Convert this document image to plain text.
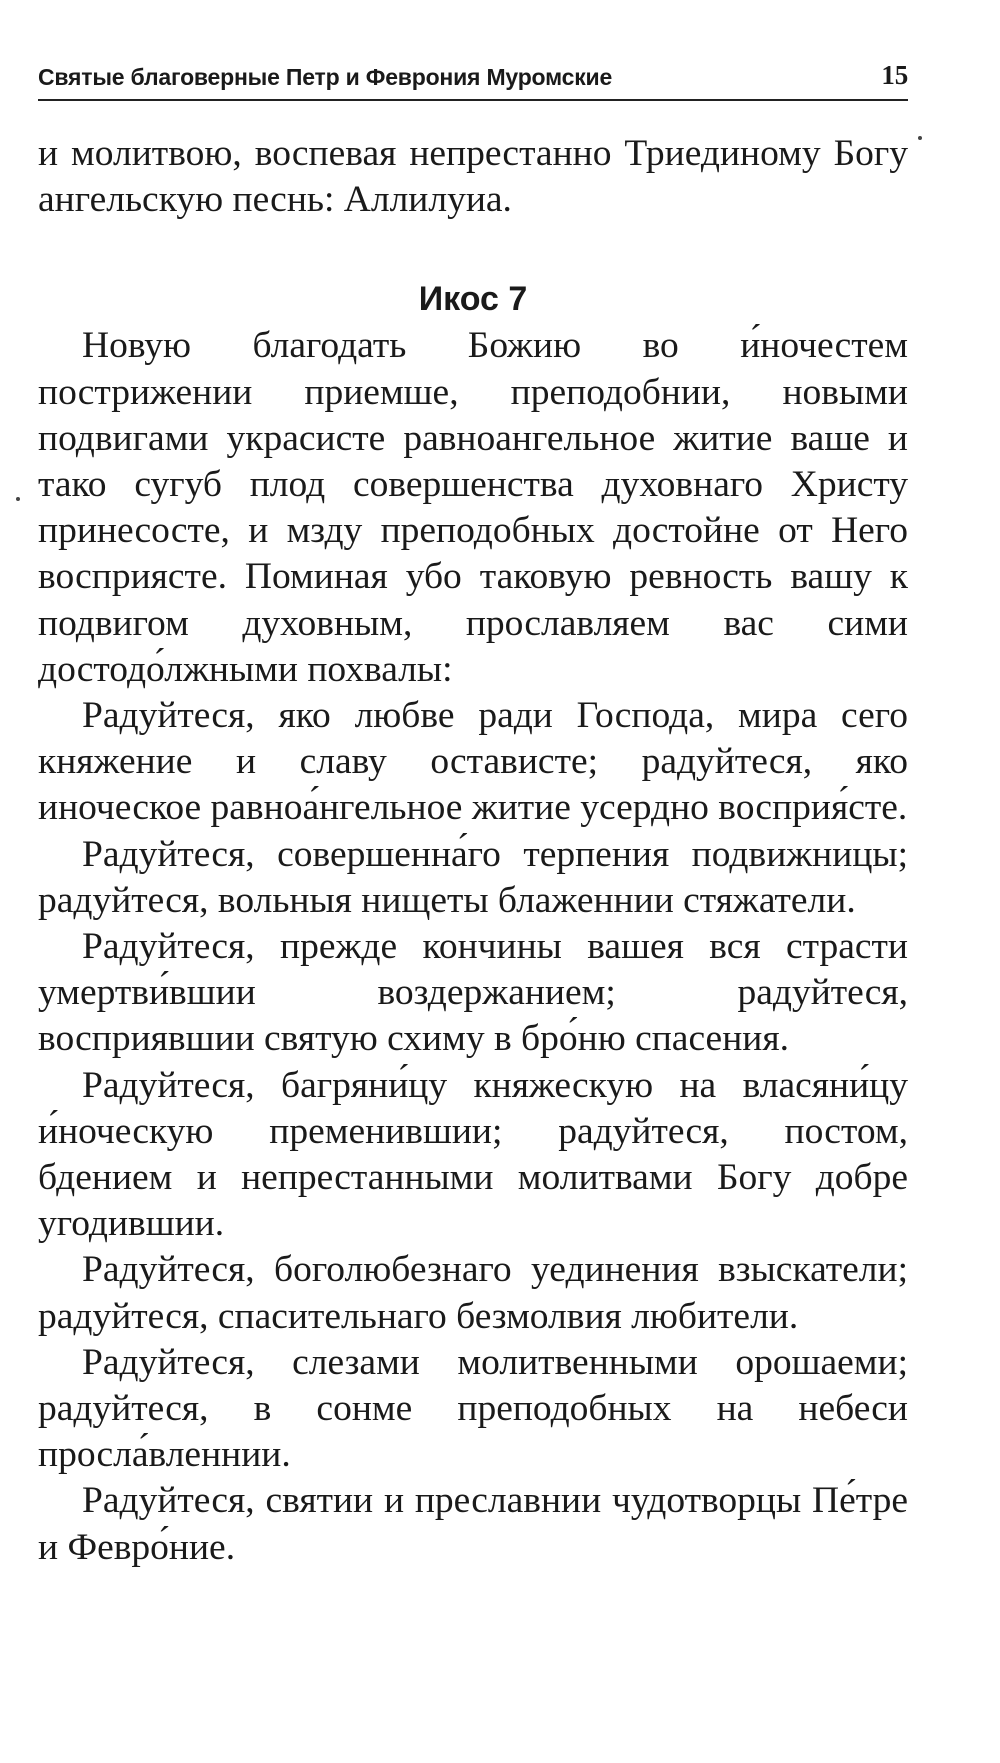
Святые благоверные Петр и Феврония Муромские	15

и молитвою, воспевая непрестанно Триединому Богу ангельскую песнь: Аллилуиа.

Икос 7

Новую благодать Божию во и́ночестем пострижении приемше, преподобнии, новыми подвигами украсисте равноангельное житие ваше и тако сугуб плод совершенства духовнаго Христу принесосте, и мзду преподобных достойне от Него восприясте. Поминая убо таковую ревность вашу к подвигом духовным, прославляем вас сими достодо́лжными похвалы:

Радуйтеся, яко любве ради Господа, мира сего княжение и славу остависте; радуйтеся, яко иноческое равноа́нгельное житие усердно восприя́сте.

Радуйтеся, совершенна́го терпения подвижницы; радуйтеся, вольныя нищеты блаженнии стяжатели.

Радуйтеся, прежде кончины вашея вся страсти умертви́вшии воздержанием; радуйтеся, восприявшии святую схиму в бро́ню спасения.

Радуйтеся, багряни́цу княжескую на власяни́цу и́ноческую пременившии; радуйтеся, постом, бдением и непрестанными молитвами Богу добре угодившии.

Радуйтеся, боголюбезнаго уединения взыскатели; радуйтеся, спасительнаго безмолвия любители.

Радуйтеся, слезами молитвенными орошаеми; радуйтеся, в сонме преподобных на небеси просла́вленнии.

Радуйтеся, святии и преславнии чудотворцы Пе́тре и Февро́ние.
